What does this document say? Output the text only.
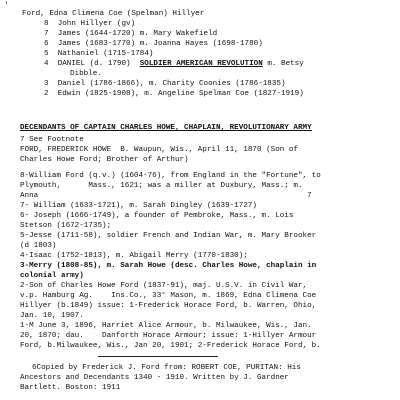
'
Ford, Edna Climena Coe (Spelman) Hillyer
8 John Hillyer (gv)
7 James (1644-1720) m. Mary Wakefield
6 James (1683-1770) m. Joanna Hayes (1698-1780)
5 Nathaniel (1715-1784)
4 DANIEL (d. 1790) SOLDIER AMERICAN REVOLUTION m. Betsy
Dibble.
3 Daniel (1786-1866), m. Charity Coonies (1786-1835)
2 Edwin (1825-1908), m. Angeline Spelman Coe (1827-1919)
DECENDANTS OF CAPTAIN CHARLES HOWE, CHAPLAIN, REVOLUTIONARY ARMY
7 See Footnote
FORD, FREDERICK HOWE  B. Waupun, Wis., April 11, 1870 (Son of
Charles Howe Ford; Brother of Arthur)
8-William Ford (q.v.) (1604-76), from England in the "Fortune", to
Plymouth,      Mass., 1621; was a miller at Duxbury, Mass.; m.
Anna                                                           7
7- William (1633-1721), m. Sarah Dingley (1639-1727)
6- Joseph (1666-1749), a founder of Pembroke, Mass., m. Lois
Stetson (1672-1735);
5-Jesse (1711-58), soldier French and Indian War, m. Mary Brooker
(d 1803)
4-Isaac (1752-1813), m. Abigail Merry (1770-1830);
3-Merry (1808-85), m. Sarah Howe (desc. Charles Howe, chaplain in
colonial army)
2-Son of Charles Howe Ford (1837-91), maj. U.S.V. in Civil War,
v.p. Hamburg Ag.    Ins.Co., 33° Mason, m. 1869, Edna Climena Coe
Hillyer (b.1849) issue: 1-Frederick Horace Ford, b. Warren, Ohio,
Jan. 10, 1907.
1-M June 3, 1896, Harriet Alice Armour, b. Milwaukee, Wis., Jan.
20, 1870; dau.    Danforth Horace Armour; issue: 1-Hillyer Armour
Ford, b.Milwaukee, Wis., Jan 20, 1901; 2-Frederick Horace Ford, b.
6Copied by Frederick J. Ford from: ROBERT COE, PURITAN: His
Ancestors and Decendants 1340 - 1910. Written by J. Gardner
Bartlett. Boston: 1911
